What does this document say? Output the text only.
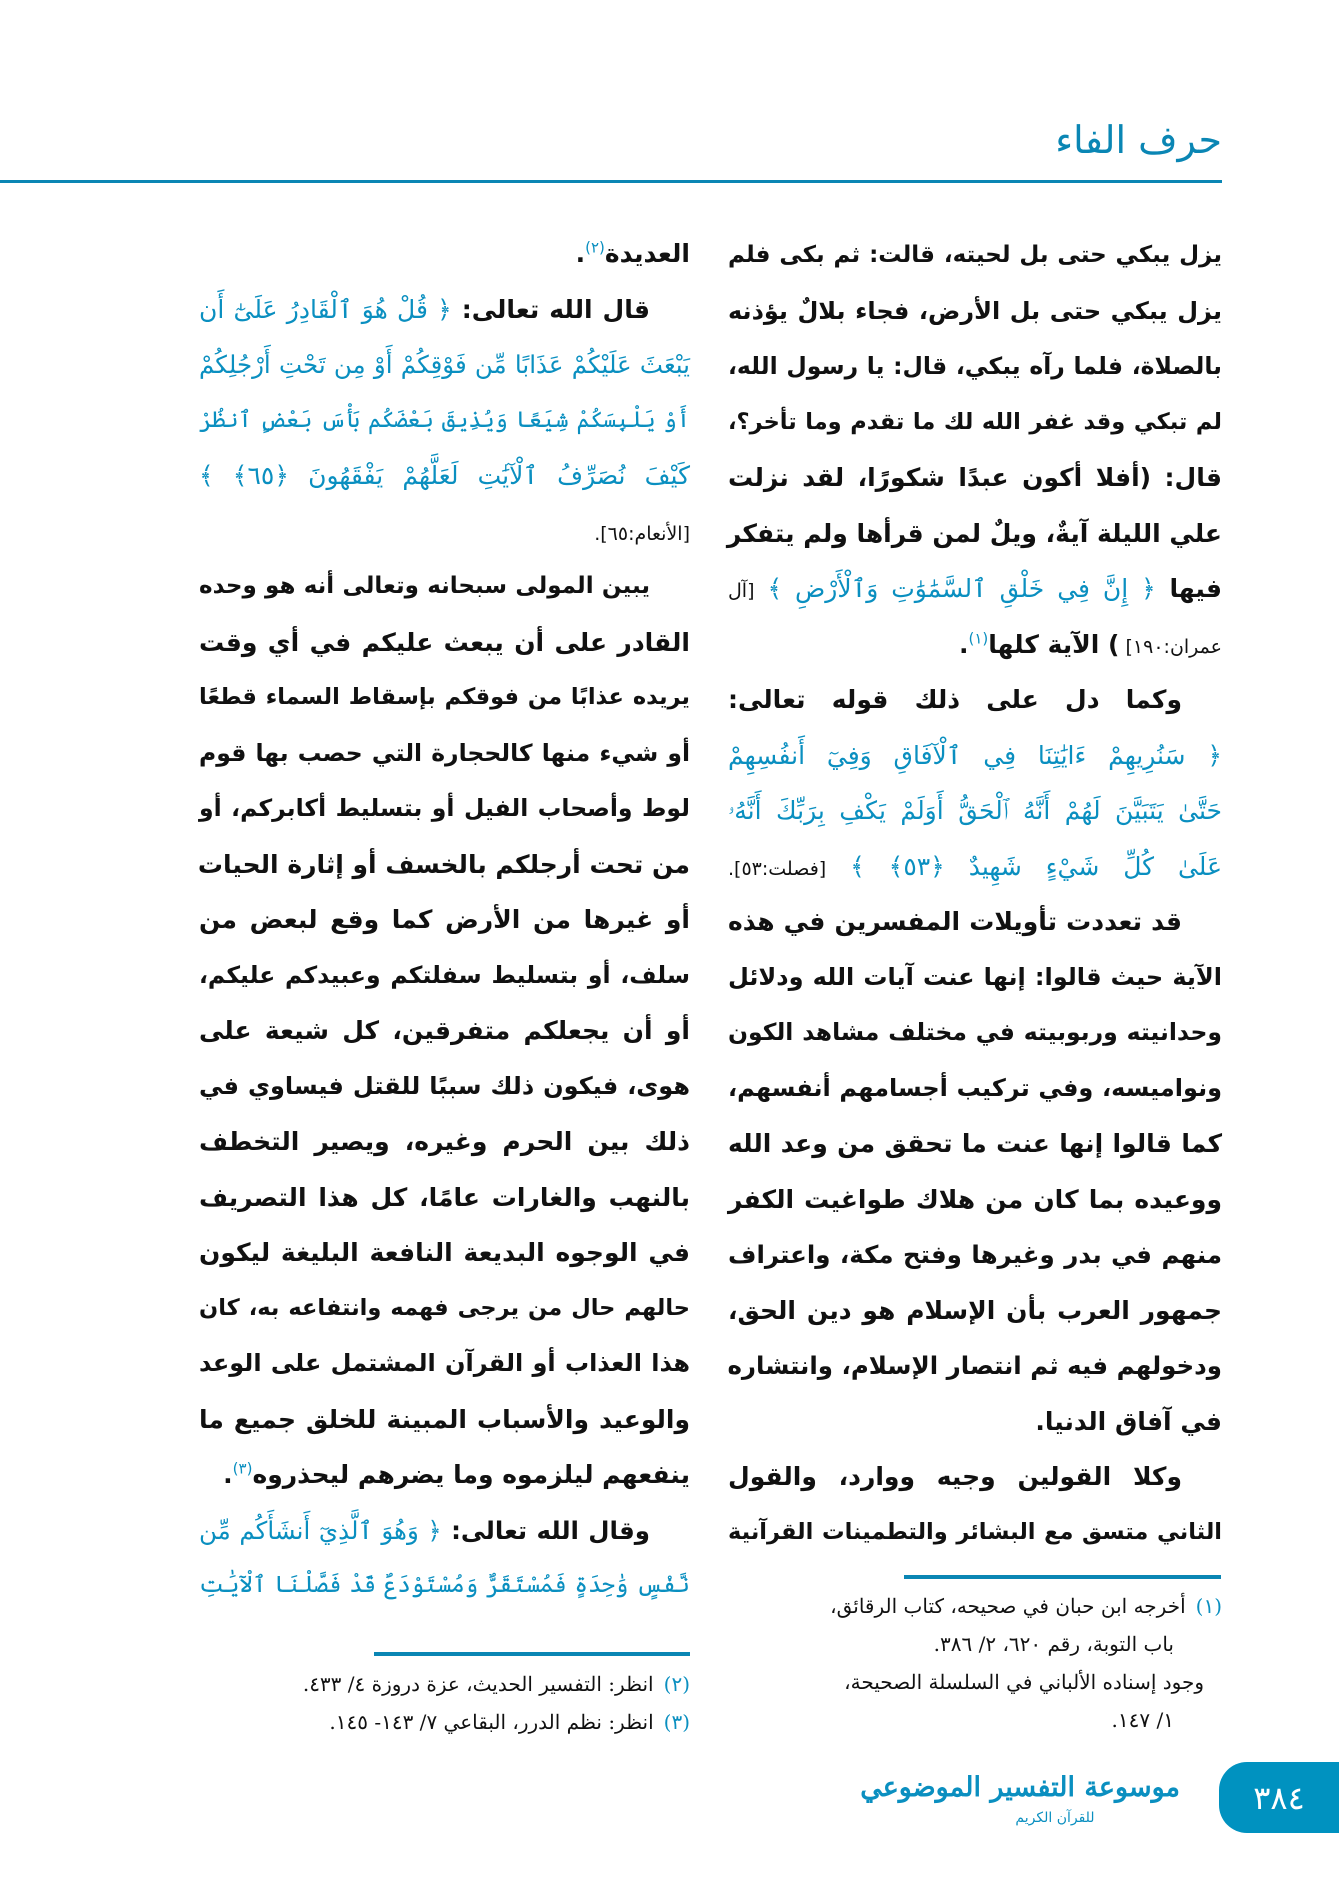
حرف الفاء
يزل يبكي حتى بل لحيته، قالت: ثم بكى فلم
يزل يبكي حتى بل الأرض، فجاء بلالٌ يؤذنه
بالصلاة، فلما رآه يبكي، قال: يا رسول الله،
لم تبكي وقد غفر الله لك ما تقدم وما تأخر؟،
قال: (أفلا أكون عبدًا شكورًا، لقد نزلت
علي الليلة آيةٌ، ويلٌ لمن قرأها ولم يتفكر
فيها ﴿ إِنَّ فِي خَلْقِ ٱلسَّمَٰوَٰتِ وَٱلْأَرْضِ ﴾ [آل
عمران:١٩٠] ) الآية كلها$^{(١)}$.
وكما دل على ذلك قوله تعالى:
﴿ سَنُرِيهِمْ ءَايَٰتِنَا فِي ٱلْآفَاقِ وَفِيٓ أَنفُسِهِمْ
حَتَّىٰ يَتَبَيَّنَ لَهُمْ أَنَّهُ ٱلْحَقُّ أَوَلَمْ يَكْفِ بِرَبِّكَ أَنَّهُۥ
عَلَىٰ كُلِّ شَيْءٍ شَهِيدٌ ﴿٥٣﴾ ﴾ [فصلت:٥٣].
قد تعددت تأويلات المفسرين في هذه
الآية حيث قالوا: إنها عنت آيات الله ودلائل
وحدانيته وربوبيته في مختلف مشاهد الكون
ونواميسه، وفي تركيب أجسامهم أنفسهم،
كما قالوا إنها عنت ما تحقق من وعد الله
ووعيده بما كان من هلاك طواغيت الكفر
منهم في بدر وغيرها وفتح مكة، واعتراف
جمهور العرب بأن الإسلام هو دين الحق،
ودخولهم فيه ثم انتصار الإسلام، وانتشاره
في آفاق الدنيا.
وكلا القولين وجيه ووارد، والقول
الثاني متسق مع البشائر والتطمينات القرآنية
العديدة$^{(٢)}$.
قال الله تعالى: ﴿ قُلْ هُوَ ٱلْقَادِرُ عَلَىٰٓ أَن
يَبْعَثَ عَلَيْكُمْ عَذَابًا مِّن فَوْقِكُمْ أَوْ مِن تَحْتِ أَرْجُلِكُمْ
أَوْ يَلْبِسَكُمْ شِيَعًا وَيُذِيقَ بَعْضَكُم بَأْسَ بَعْضٍ ٱنظُرْ
كَيْفَ نُصَرِّفُ ٱلْآيَٰتِ لَعَلَّهُمْ يَفْقَهُونَ ﴿٦٥﴾ ﴾
[الأنعام:٦٥].
يبين المولى سبحانه وتعالى أنه هو وحده
القادر على أن يبعث عليكم في أي وقت
يريده عذابًا من فوقكم بإسقاط السماء قطعًا
أو شيء منها كالحجارة التي حصب بها قوم
لوط وأصحاب الفيل أو بتسليط أكابركم، أو
من تحت أرجلكم بالخسف أو إثارة الحيات
أو غيرها من الأرض كما وقع لبعض من
سلف، أو بتسليط سفلتكم وعبيدكم عليكم،
أو أن يجعلكم متفرقين، كل شيعة على
هوى، فيكون ذلك سببًا للقتل فيساوي في
ذلك بين الحرم وغيره، ويصير التخطف
بالنهب والغارات عامًا، كل هذا التصريف
في الوجوه البديعة النافعة البليغة ليكون
حالهم حال من يرجى فهمه وانتفاعه به، كان
هذا العذاب أو القرآن المشتمل على الوعد
والوعيد والأسباب المبينة للخلق جميع ما
ينفعهم ليلزموه وما يضرهم ليحذروه$^{(٣)}$.
وقال الله تعالى: ﴿ وَهُوَ ٱلَّذِيٓ أَنشَأَكُم مِّن
نَّفْسٍ وَٰحِدَةٍ فَمُسْتَقَرٌّ وَمُسْتَوْدَعٌ قَدْ فَصَّلْنَا ٱلْآيَٰتِ
(١)أخرجه ابن حبان في صحيحه، كتاب الرقائق،
باب التوبة، رقم ٦٢٠، ٢/ ٣٨٦.
وجود إسناده الألباني في السلسلة الصحيحة،
١/ ١٤٧.
(٢)انظر: التفسير الحديث، عزة دروزة ٤/ ٤٣٣.
(٣)انظر: نظم الدرر، البقاعي ٧/ ١٤٣- ١٤٥.
موسوعة التفسير الموضوعي
للقرآن الكريم
٣٨٤
